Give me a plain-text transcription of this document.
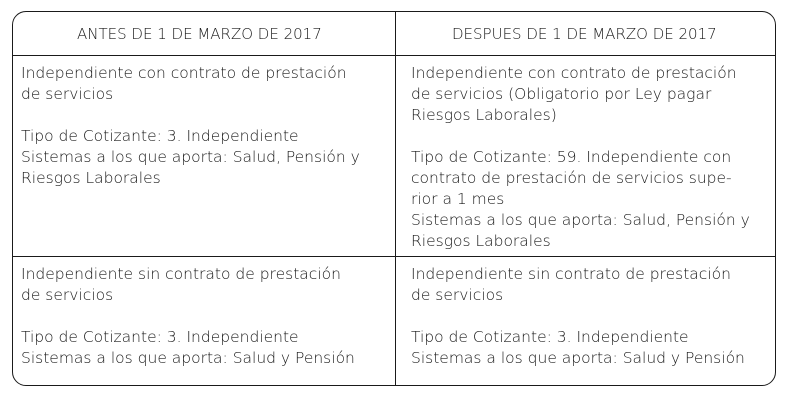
ANTES DE 1 DE MARZO DE 2017	DESPUES DE 1 DE MARZO DE 2017

Independiente con contrato de prestación

de servicios

Tipo de Cotizante: 3. Independiente

Sistemas a los que aporta: Salud, Pensión y

Riesgos Laborales

Independiente con contrato de prestación

de servicios (Obligatorio por Ley pagar

Riesgos Laborales)

Tipo de Cotizante: 59. Independiente con

contrato de prestación de servicios supe-

rior a 1 mes

Sistemas a los que aporta: Salud, Pensión y

Riesgos Laborales

Independiente sin contrato de prestación

de servicios

Tipo de Cotizante: 3. Independiente

Sistemas a los que aporta: Salud y Pensión

Independiente sin contrato de prestación

de servicios

Tipo de Cotizante: 3. Independiente

Sistemas a los que aporta: Salud y Pensión
